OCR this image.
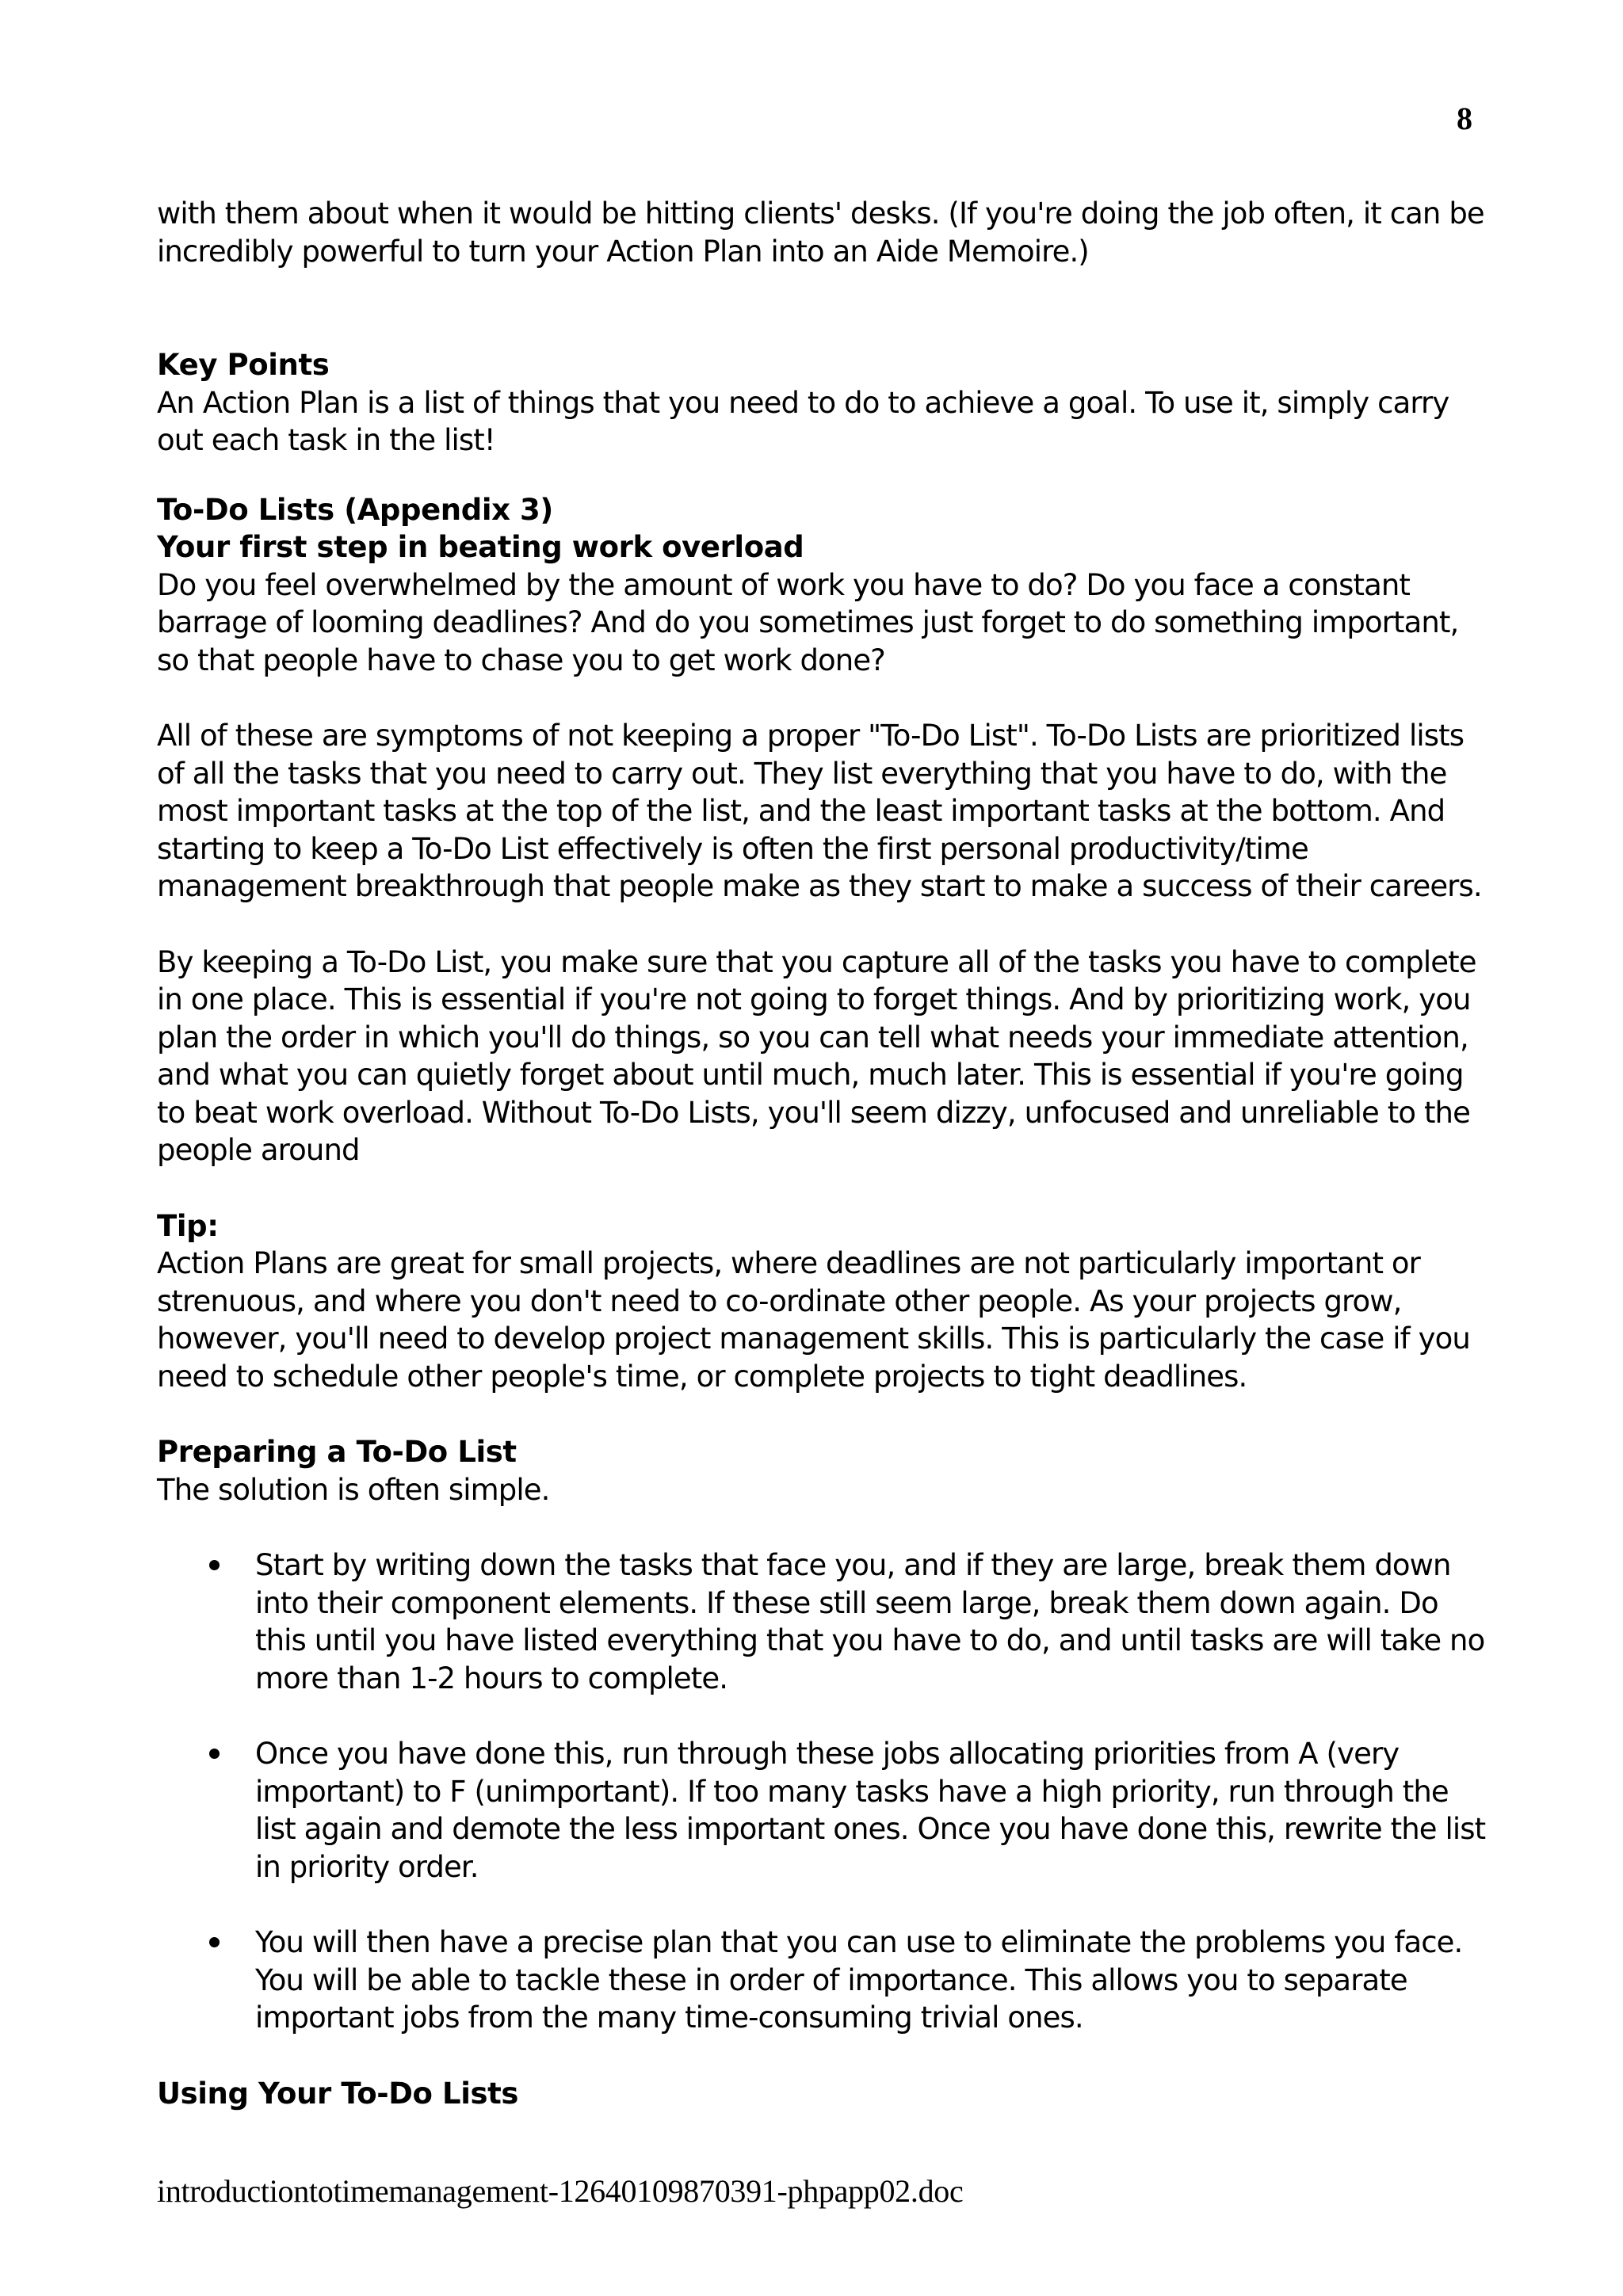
8

with them about when it would be hitting clients' desks. (If you're doing the job often, it can be incredibly powerful to turn your Action Plan into an Aide Memoire.)

Key Points

An Action Plan is a list of things that you need to do to achieve a goal. To use it, simply carry out each task in the list!

To-Do Lists (Appendix 3)
Your first step in beating work overload

Do you feel overwhelmed by the amount of work you have to do? Do you face a constant barrage of looming deadlines? And do you sometimes just forget to do something important, so that people have to chase you to get work done?

All of these are symptoms of not keeping a proper "To-Do List". To-Do Lists are prioritized lists of all the tasks that you need to carry out. They list everything that you have to do, with the most important tasks at the top of the list, and the least important tasks at the bottom. And starting to keep a To-Do List effectively is often the first personal productivity/time management breakthrough that people make as they start to make a success of their careers.

By keeping a To-Do List, you make sure that you capture all of the tasks you have to complete in one place. This is essential if you're not going to forget things. And by prioritizing work, you plan the order in which you'll do things, so you can tell what needs your immediate attention, and what you can quietly forget about until much, much later. This is essential if you're going to beat work overload. Without To-Do Lists, you'll seem dizzy, unfocused and unreliable to the people around

Tip:

Action Plans are great for small projects, where deadlines are not particularly important or strenuous, and where you don't need to co-ordinate other people. As your projects grow, however, you'll need to develop project management skills. This is particularly the case if you need to schedule other people's time, or complete projects to tight deadlines.

Preparing a To-Do List

The solution is often simple.

Start by writing down the tasks that face you, and if they are large, break them down into their component elements. If these still seem large, break them down again. Do this until you have listed everything that you have to do, and until tasks are will take no more than 1-2 hours to complete.

Once you have done this, run through these jobs allocating priorities from A (very important) to F (unimportant). If too many tasks have a high priority, run through the list again and demote the less important ones. Once you have done this, rewrite the list in priority order.

You will then have a precise plan that you can use to eliminate the problems you face. You will be able to tackle these in order of importance. This allows you to separate important jobs from the many time-consuming trivial ones.

Using Your To-Do Lists
introductiontotimemanagement-12640109870391-phpapp02.doc
